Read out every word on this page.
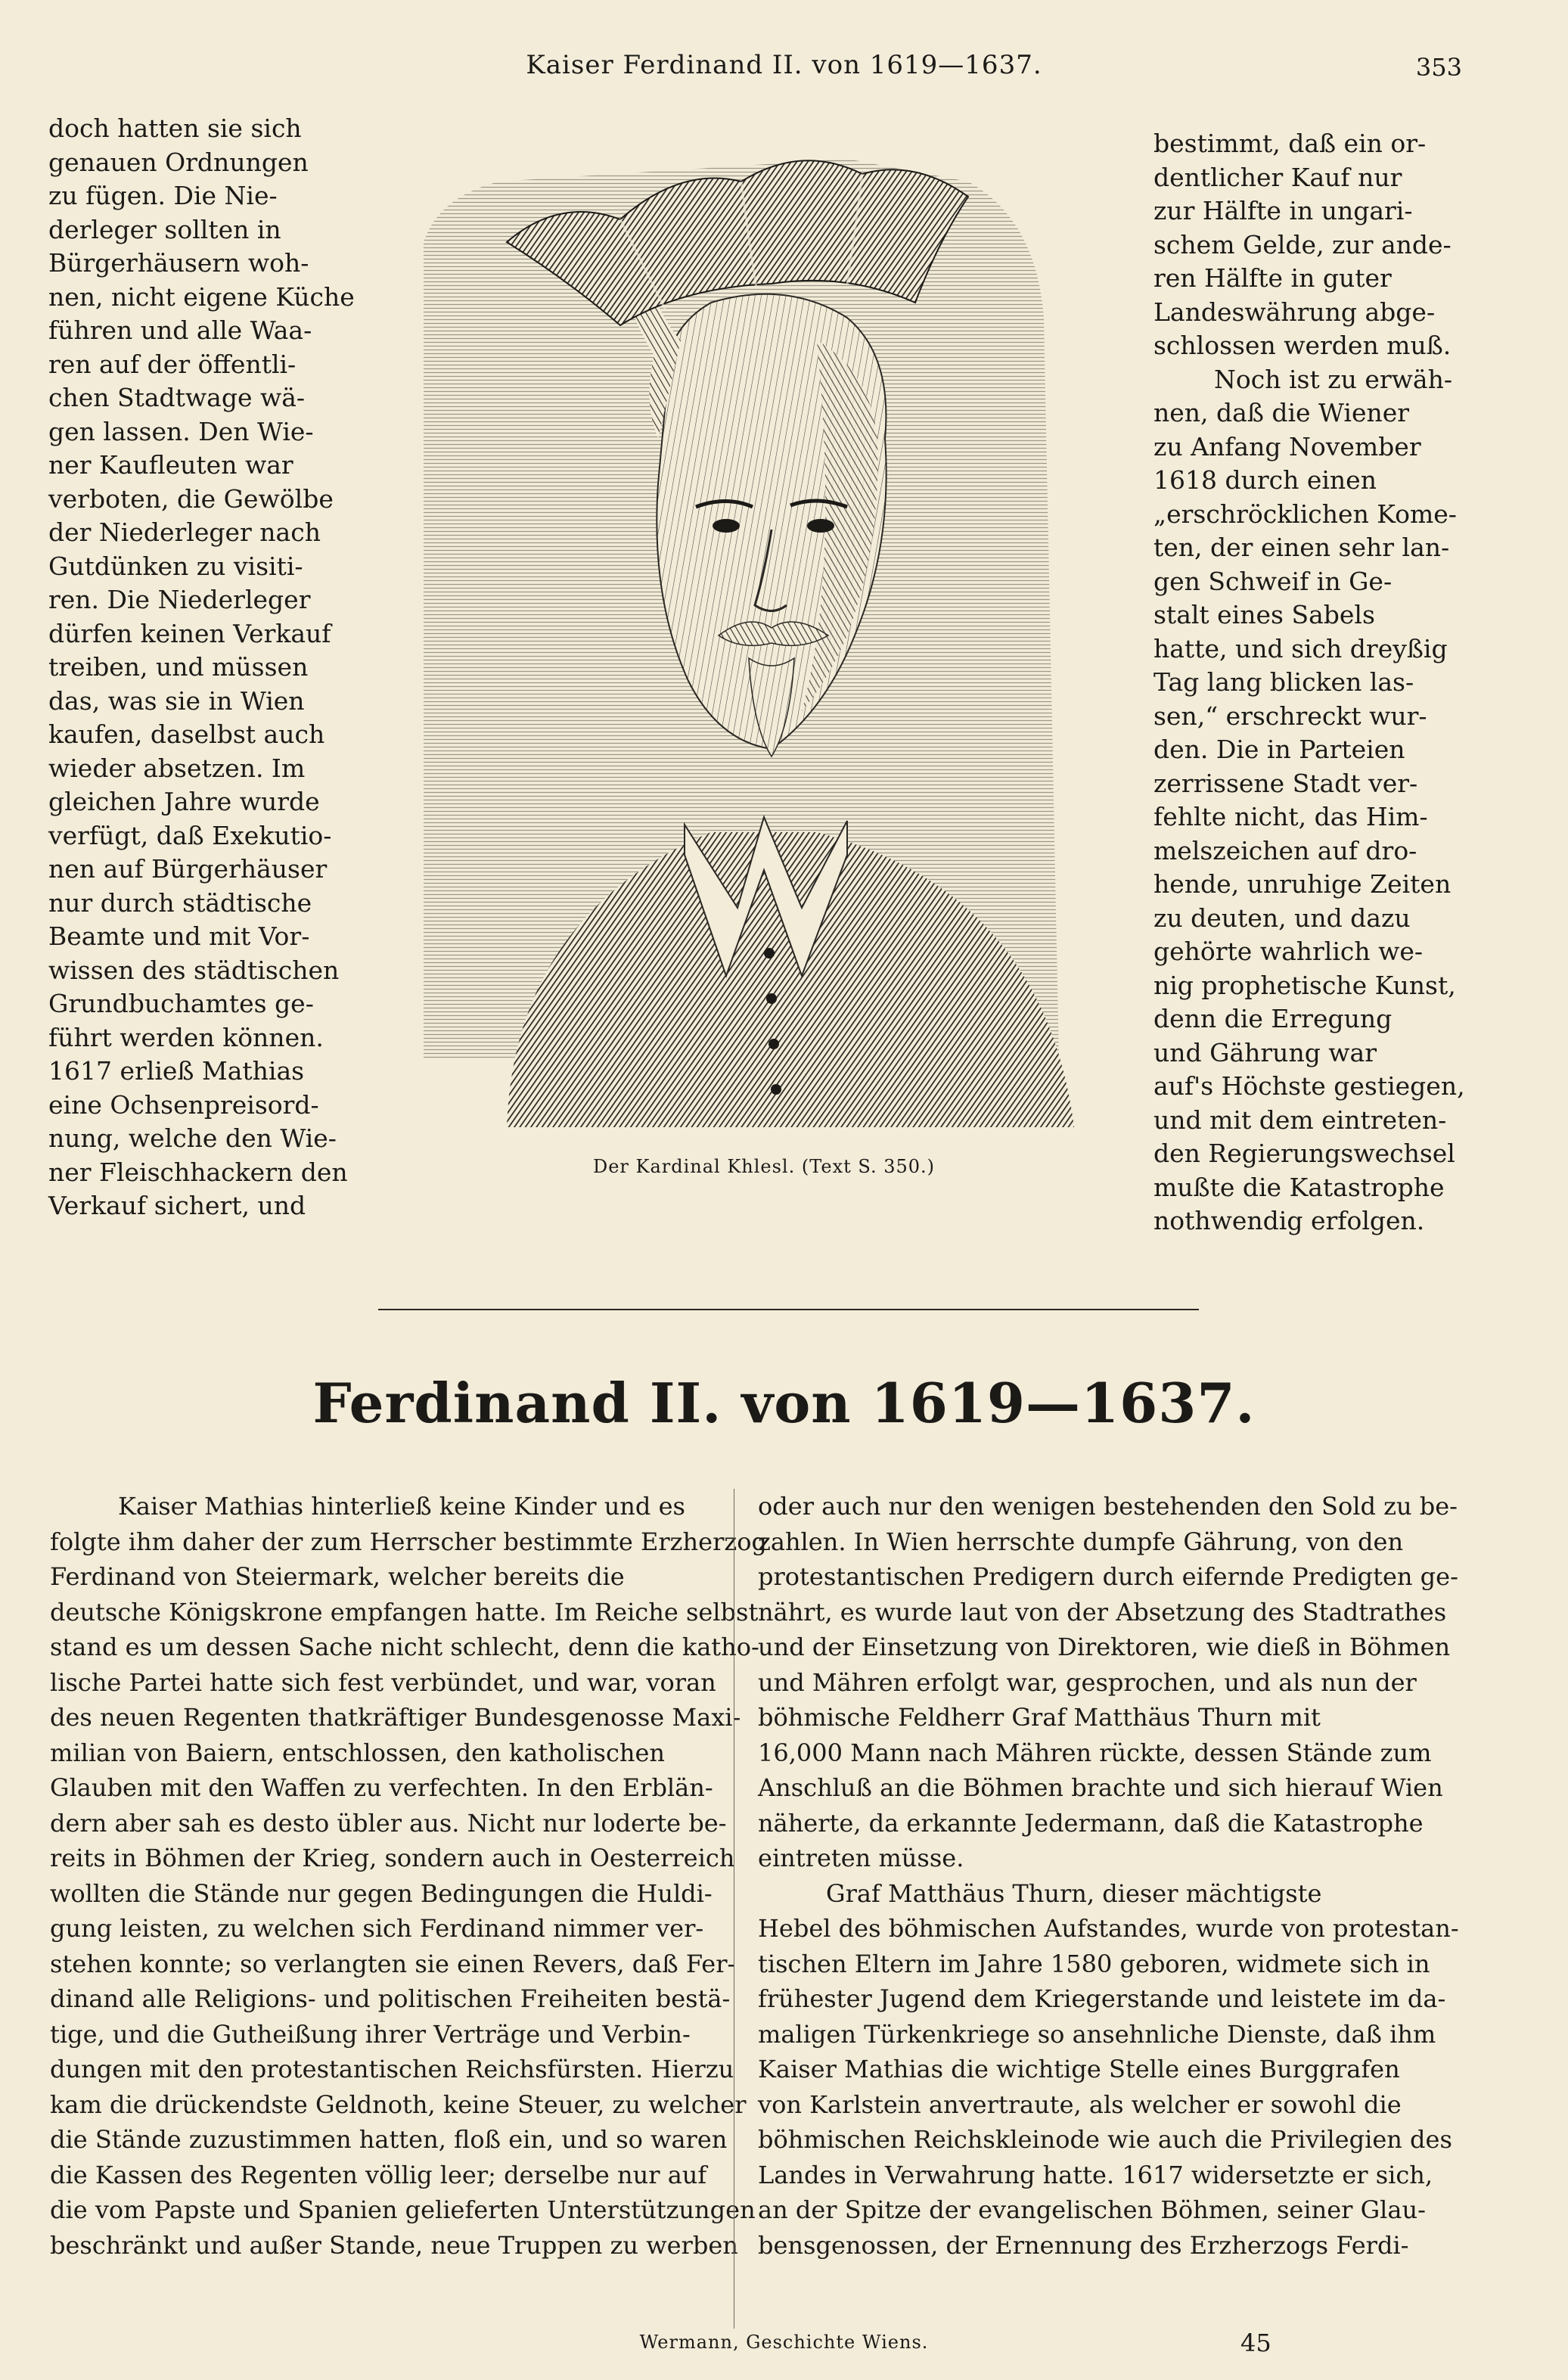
Kaiser Ferdinand II. von 1619—1637.	353

doch hatten sie sich
genauen Ordnungen
zu fügen. Die Nie-
derleger sollten in
Bürgerhäusern woh-
nen, nicht eigene Küche
führen und alle Waa-
ren auf der öffentli-
chen Stadtwage wä-
gen lassen. Den Wie-
ner Kaufleuten war
verboten, die Gewölbe
der Niederleger nach
Gutdünken zu visiti-
ren. Die Niederleger
dürfen keinen Verkauf
treiben, und müssen
das, was sie in Wien
kaufen, daselbst auch
wieder absetzen. Im
gleichen Jahre wurde
verfügt, daß Exekutio-
nen auf Bürgerhäuser
nur durch städtische
Beamte und mit Vor-
wissen des städtischen
Grundbuchamtes ge-
führt werden können.
1617 erließ Mathias
eine Ochsenpreisord-
nung, welche den Wie-
ner Fleischhackern den
Verkauf sichert, und

bestimmt, daß ein or-
dentlicher Kauf nur
zur Hälfte in ungari-
schem Gelde, zur ande-
ren Hälfte in guter
Landeswährung abge-
schlossen werden muß.

Noch ist zu erwäh-
nen, daß die Wiener
zu Anfang November
1618 durch einen
„erschröcklichen Kome-
ten, der einen sehr lan-
gen Schweif in Ge-
stalt eines Sabels
hatte, und sich dreyßig
Tag lang blicken las-
sen,“ erschreckt wur-
den. Die in Parteien
zerrissene Stadt ver-
fehlte nicht, das Him-
melszeichen auf dro-
hende, unruhige Zeiten
zu deuten, und dazu
gehörte wahrlich we-
nig prophetische Kunst,
denn die Erregung
und Gährung war
auf's Höchste gestiegen,
und mit dem eintreten-
den Regierungswechsel
mußte die Katastrophe
nothwendig erfolgen.

Der Kardinal Khlesl. (Text S. 350.)
Ferdinand II. von 1619—1637.

Kaiser Mathias hinterließ keine Kinder und es
folgte ihm daher der zum Herrscher bestimmte Erzherzog
Ferdinand von Steiermark, welcher bereits die
deutsche Königskrone empfangen hatte. Im Reiche selbst
stand es um dessen Sache nicht schlecht, denn die katho-
lische Partei hatte sich fest verbündet, und war, voran
des neuen Regenten thatkräftiger Bundesgenosse Maxi-
milian von Baiern, entschlossen, den katholischen
Glauben mit den Waffen zu verfechten. In den Erblän-
dern aber sah es desto übler aus. Nicht nur loderte be-
reits in Böhmen der Krieg, sondern auch in Oesterreich
wollten die Stände nur gegen Bedingungen die Huldi-
gung leisten, zu welchen sich Ferdinand nimmer ver-
stehen konnte; so verlangten sie einen Revers, daß Fer-
dinand alle Religions- und politischen Freiheiten bestä-
tige, und die Gutheißung ihrer Verträge und Verbin-
dungen mit den protestantischen Reichsfürsten. Hierzu
kam die drückendste Geldnoth, keine Steuer, zu welcher
die Stände zuzustimmen hatten, floß ein, und so waren
die Kassen des Regenten völlig leer; derselbe nur auf
die vom Papste und Spanien gelieferten Unterstützungen
beschränkt und außer Stande, neue Truppen zu werben

oder auch nur den wenigen bestehenden den Sold zu be-
zahlen. In Wien herrschte dumpfe Gährung, von den
protestantischen Predigern durch eifernde Predigten ge-
nährt, es wurde laut von der Absetzung des Stadtrathes
und der Einsetzung von Direktoren, wie dieß in Böhmen
und Mähren erfolgt war, gesprochen, und als nun der
böhmische Feldherr Graf Matthäus Thurn mit
16,000 Mann nach Mähren rückte, dessen Stände zum
Anschluß an die Böhmen brachte und sich hierauf Wien
näherte, da erkannte Jedermann, daß die Katastrophe
eintreten müsse.

Graf Matthäus Thurn, dieser mächtigste
Hebel des böhmischen Aufstandes, wurde von protestan-
tischen Eltern im Jahre 1580 geboren, widmete sich in
frühester Jugend dem Kriegerstande und leistete im da-
maligen Türkenkriege so ansehnliche Dienste, daß ihm
Kaiser Mathias die wichtige Stelle eines Burggrafen
von Karlstein anvertraute, als welcher er sowohl die
böhmischen Reichskleinode wie auch die Privilegien des
Landes in Verwahrung hatte. 1617 widersetzte er sich,
an der Spitze der evangelischen Böhmen, seiner Glau-
bensgenossen, der Ernennung des Erzherzogs Ferdi-

Wermann, Geschichte Wiens.	45
